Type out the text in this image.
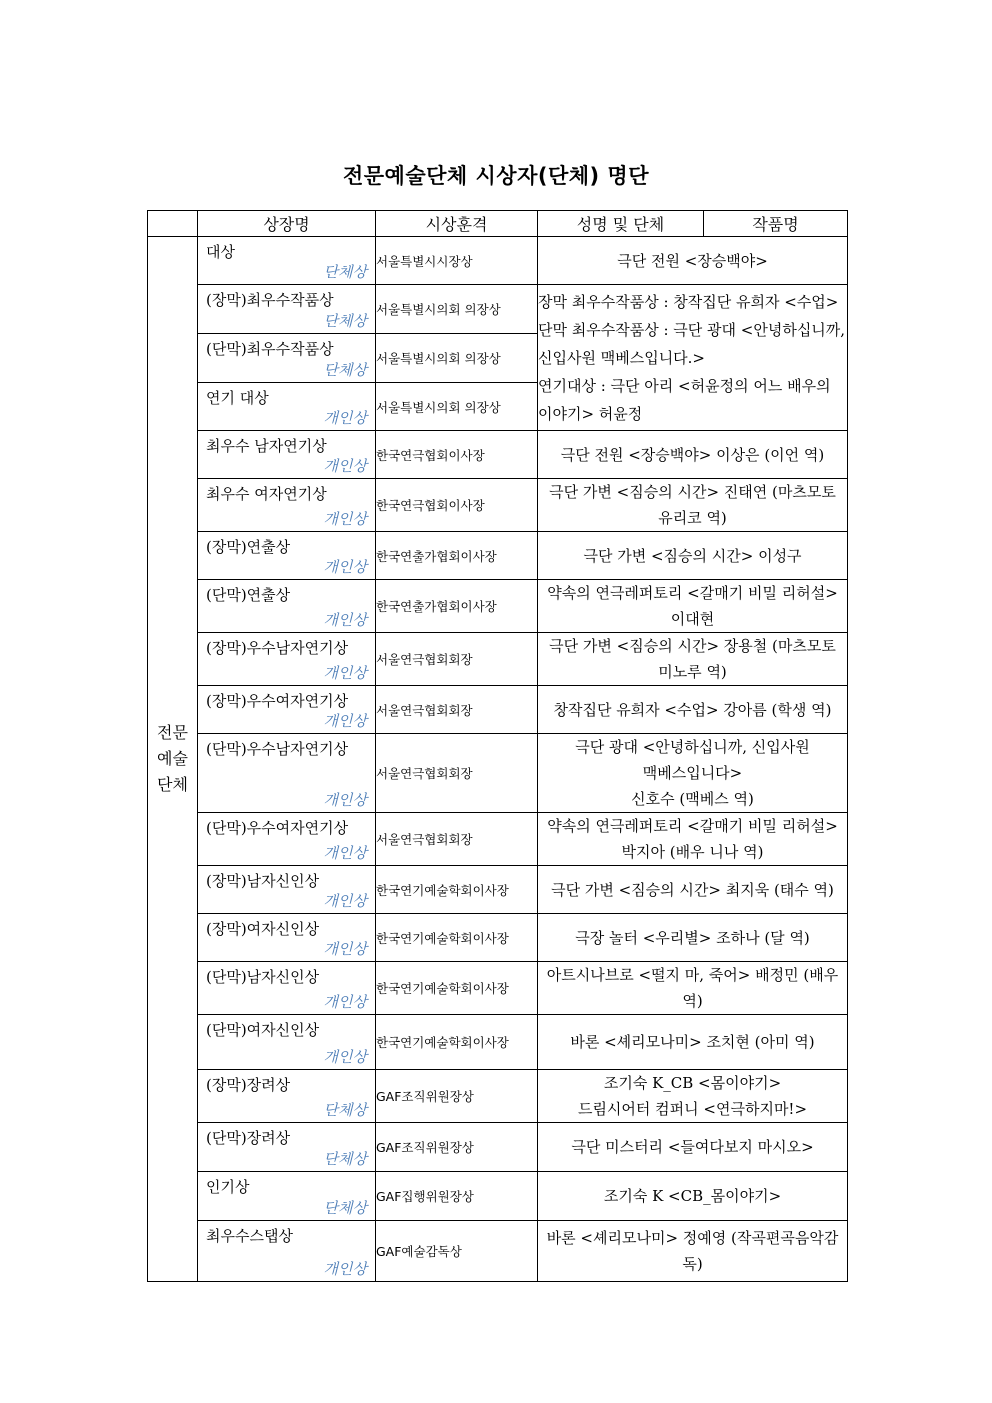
전문예술단체 시상자(단체) 명단
	상장명	시상훈격	성명 및 단체	작품명
전문
예술
단체	대상
단체상	서울특별시시장상	극단 전원 <장승백야>	

	(장막)최우수작품상
단체상	서울특별시의회 의장상	장막 최우수작품상 : 창작집단 유희자 <수업>
단막 최우수작품상 : 극단 광대 <안녕하십니까, 신입사원 맥베스입니다.>
연기대상 : 극단 아리 <허윤정의 어느 배우의 이야기> 허윤정	

	(단막)최우수작품상
단체상	서울특별시의회 의장상		

	연기 대상
개인상	서울특별시의회 의장상		

	최우수 남자연기상
개인상	한국연극협회이사장	극단 전원 <장승백야> 이상은 (이언 역)	

	최우수 여자연기상
개인상	한국연극협회이사장	극단 가변 <짐승의 시간> 진태연 (마츠모토
유리코 역)	

	(장막)연출상
개인상	한국연출가협회이사장	극단 가변 <짐승의 시간> 이성구	

	(단막)연출상
개인상	한국연출가협회이사장	약속의 연극레퍼토리 <갈매기 비밀 리허설>
이대현	

	(장막)우수남자연기상
개인상	서울연극협회회장	극단 가변 <짐승의 시간> 장용철 (마츠모토
미노루 역)	

	(장막)우수여자연기상
개인상	서울연극협회회장	창작집단 유희자 <수업> 강아름 (학생 역)	

	(단막)우수남자연기상
개인상	서울연극협회회장	극단 광대 <안녕하십니까, 신입사원
맥베스입니다>
신호수 (맥베스 역)	

	(단막)우수여자연기상
개인상	서울연극협회회장	약속의 연극레퍼토리 <갈매기 비밀 리허설>
박지아 (배우 니나 역)	

	(장막)남자신인상
개인상	한국연기예술학회이사장	극단 가변 <짐승의 시간> 최지욱 (태수 역)	

	(장막)여자신인상
개인상	한국연기예술학회이사장	극장 놀터 <우리별> 조하나 (달 역)	

	(단막)남자신인상
개인상	한국연기예술학회이사장	아트시나브로 <떨지 마, 죽어> 배정민 (배우 역)	

	(단막)여자신인상
개인상	한국연기예술학회이사장	바론 <셰리모나미> 조치현 (아미 역)	

	(장막)장려상
단체상	GAF조직위원장상	조기숙 K_CB <몸이야기>
드림시어터 컴퍼니 <연극하지마!>	

	(단막)장려상
단체상	GAF조직위원장상	극단 미스터리 <들여다보지 마시오>	

	인기상
단체상	GAF집행위원장상	조기숙 K <CB_몸이야기>	

	최우수스탭상
개인상	GAF예술감독상	바론 <셰리모나미> 정예영 (작곡편곡음악감독)	
